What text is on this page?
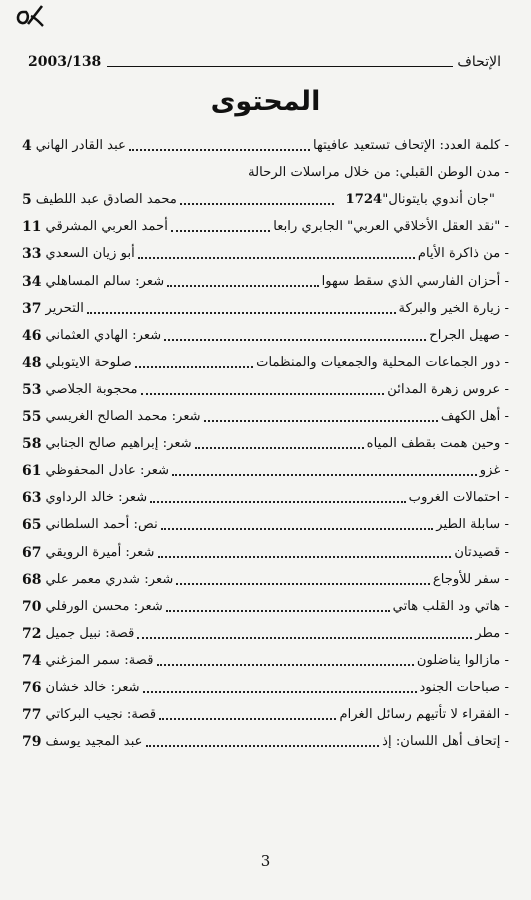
الإتحاف
2003/138
المحتوى
- كلمة العدد: الإتحاف تستعيد عافيتها
عبد القادر الهاني
4
- مدن الوطن القبلي: من خلال مراسلات الرحالة
"جان أندوي بايتونال"
1724
محمد الصادق عبد اللطيف
5
- "نقد العقل الأخلاقي العربي" الجابري رابعا
أحمد العربي المشرقي
11
- من ذاكرة الأيام
أبو زيان السعدي
33
- أحزان الفارسي الذي سقط سهوا
شعر: سالم المساهلي
34
- زيارة الخير والبركة
التحرير
37
- صهيل الجراح
شعر: الهادي العثماني
46
- دور الجماعات المحلية والجمعيات والمنظمات
صلوحة الايتوبلي
48
- عروس زهرة المدائن
محجوبة الجلاصي
53
- أهل الكهف
شعر: محمد الصالح الغريسي
55
- وحين همت بقطف المياه
شعر: إبراهيم صالح الجنابي
58
- غزو
شعر: عادل المحفوظي
61
- احتمالات الغروب
شعر: خالد الرداوي
63
- سابلة الطير
نص: أحمد السلطاني
65
- قصيدتان
شعر: أميرة الرويقي
67
- سفر للأوجاع
شعر: شدري معمر علي
68
- هاتي ود القلب هاتي
شعر: محسن الورفلي
70
- مطر
قصة: نبيل جميل
72
- مازالوا يناضلون
قصة: سمر المزغني
74
- صباحات الجنود
شعر: خالد خشان
76
- الفقراء لا تأتيهم رسائل الغرام
قصة: نجيب البركاتي
77
- إتحاف أهل اللسان: إذ
عبد المجيد يوسف
79
3
